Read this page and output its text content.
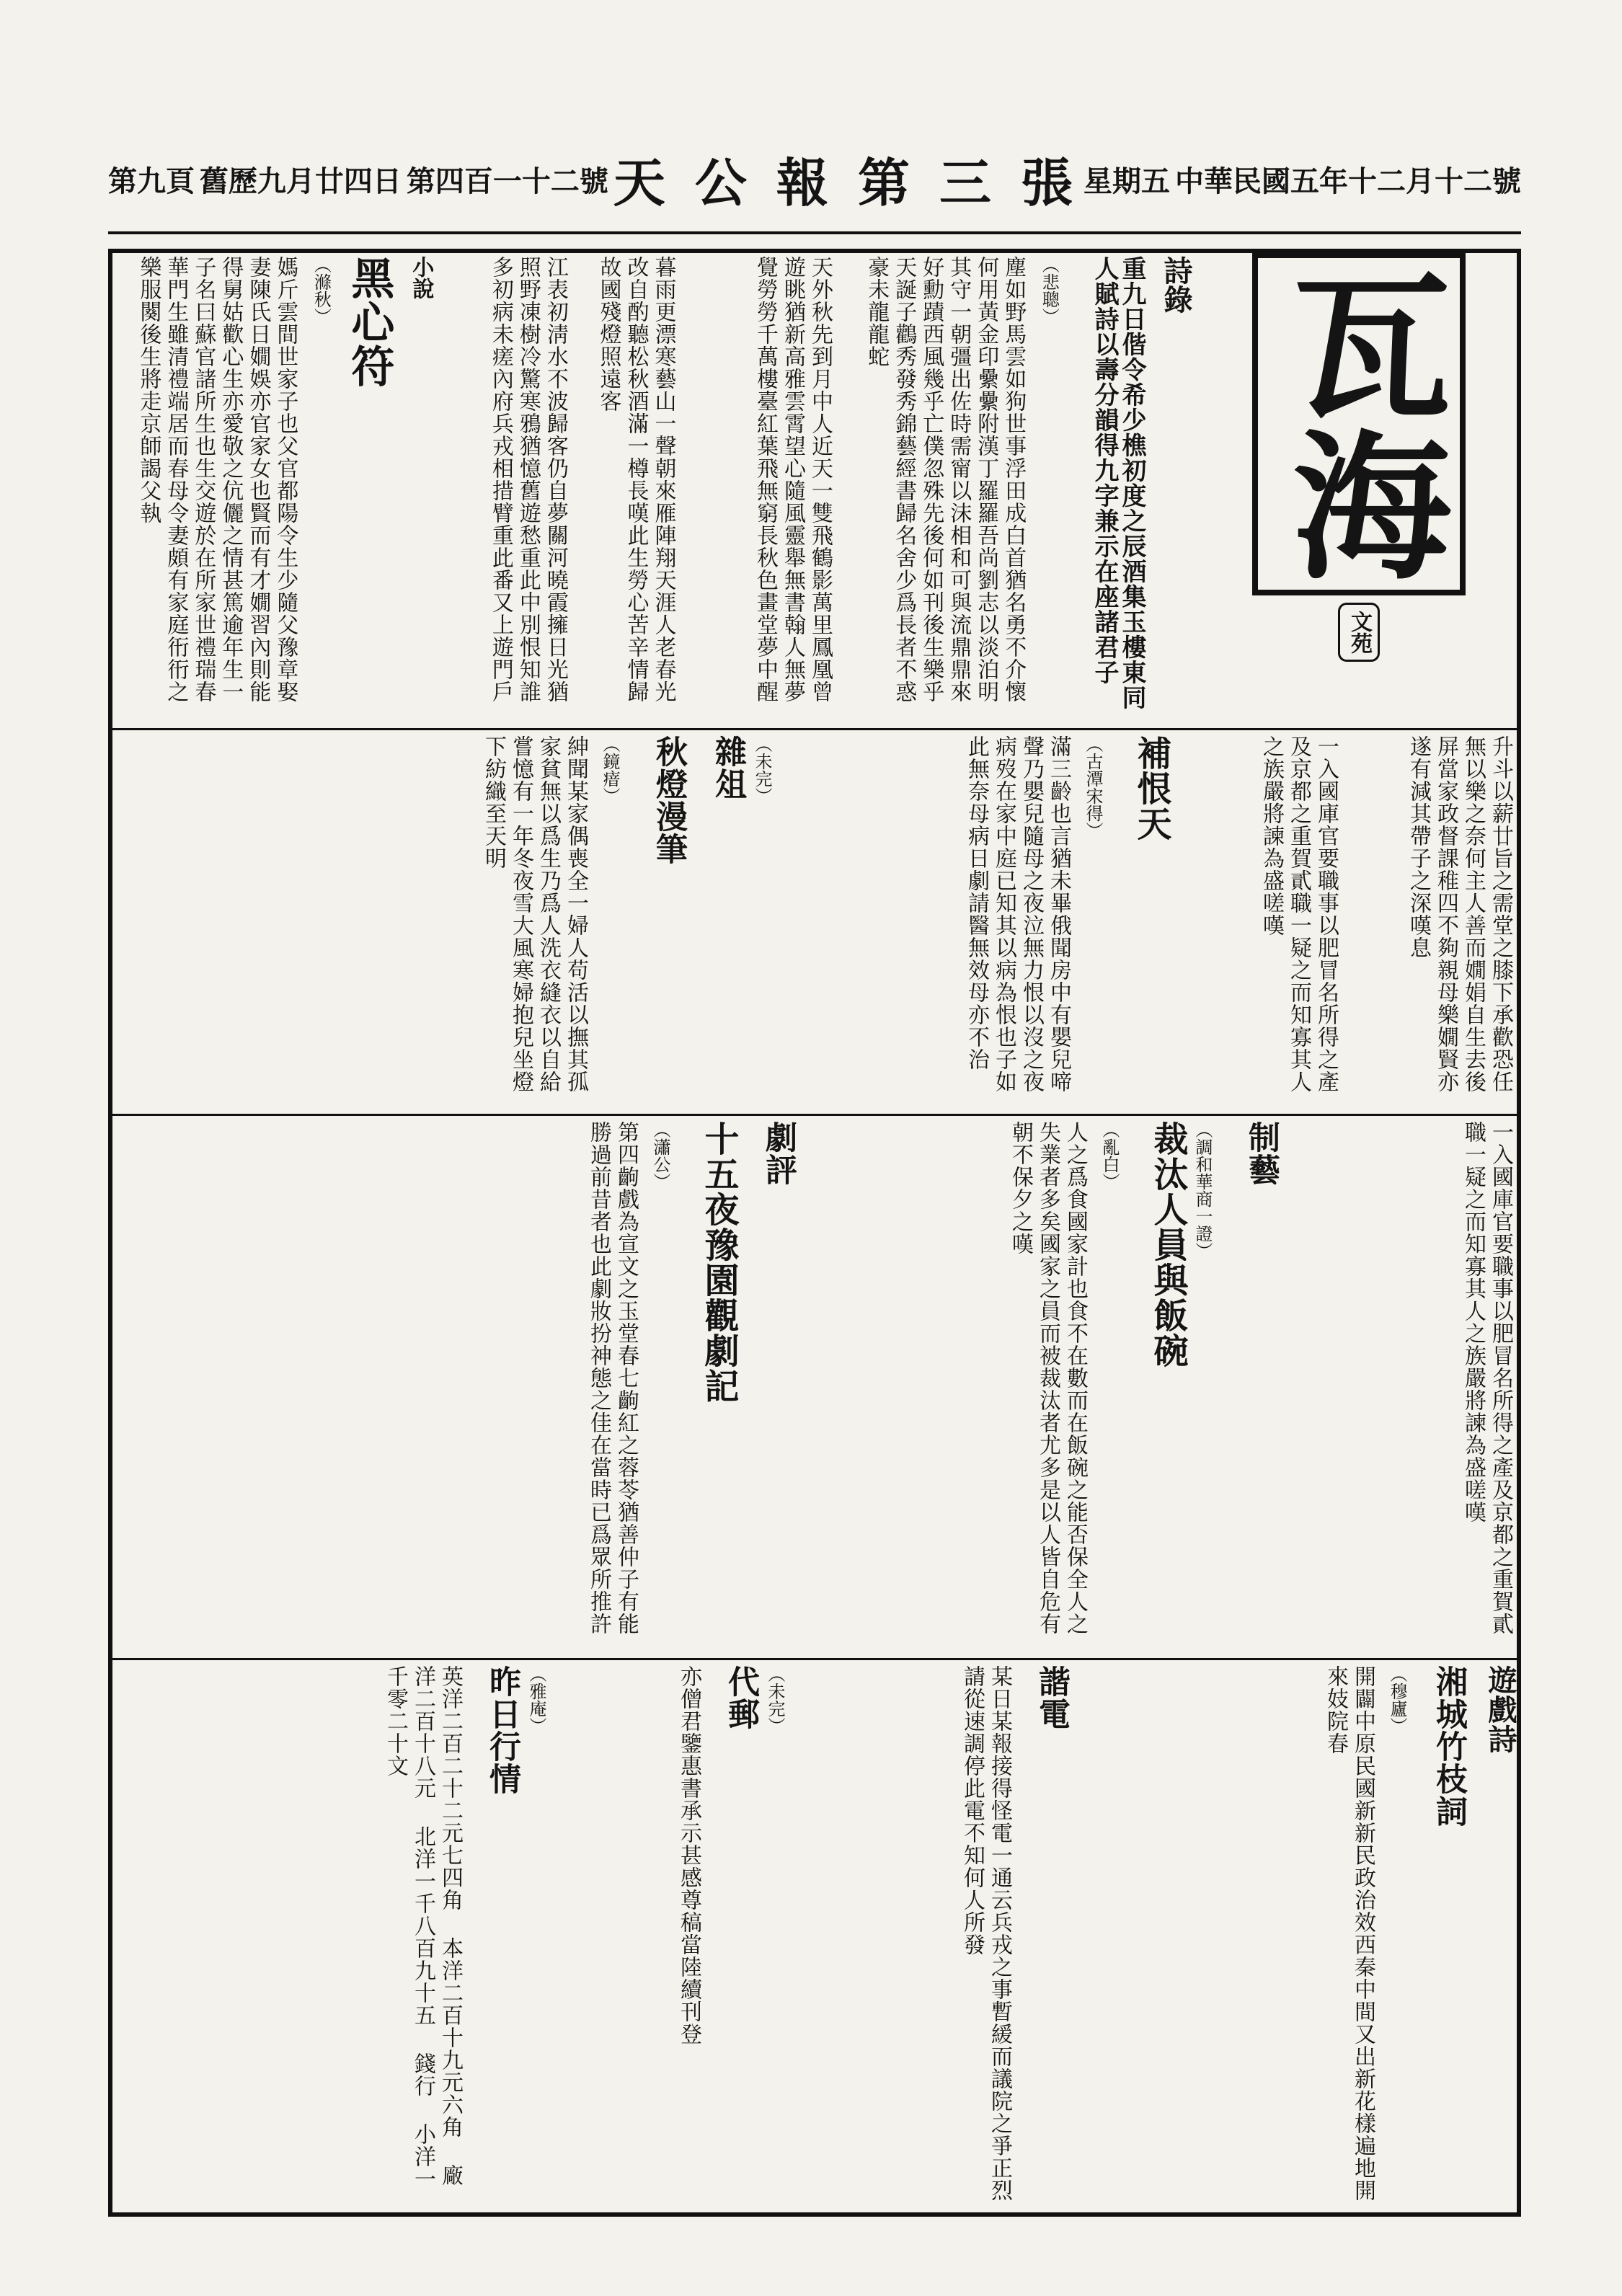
中華民國五年十二月十二號
星期五
天 公 報 第 三 張
第四百一十二號
舊歷九月廿四日
第九頁
瓦海
文苑
詩錄
重九日偕令希少樵初度之辰酒集玉樓東同人賦詩以壽分韻得九字兼示在座諸君子
（悲聰）
塵如野馬雲如狗世事浮田成白首猶名勇不介懷何用黃金印纍纍附漢丁羅羅吾尚劉志以淡泊明其守一朝彊出佐時需甯以沫相和可與流鼎鼎來好勳蹟西風幾乎亡僕忽殊先後何如刊後生樂乎天誕子鸛秀發秀錦藝經書歸名舍少爲長者不惑豪未龍龍蛇
天外秋先到月中人近天一雙飛鶴影萬里鳳凰曾遊眺猶新高雅雲霄望心隨風靈舉無書翰人無夢覺勞勞千萬樓臺紅葉飛無窮長秋色畫堂夢中醒
暮雨更漂寒藝山一聲朝來雁陣翔天涯人老春光改自酌聽松秋酒滿一樽長嘆此生勞心苦辛情歸故國殘燈照遠客
江表初淸水不波歸客仍自夢關河曉霞擁日光猶照野凍樹冷驚寒鴉猶憶舊遊愁重此中別恨知誰多初病未瘥內府兵戎相措臂重此番又上遊門戶
小說
黑心符
（滌秋）
媽斤雲間世家子也父官都陽令生少隨父豫章娶妻陳氏日嫺娛亦官家女也賢而有才嫺習內則能得舅姑歡心生亦愛敬之伉儷之情甚篤逾年生一子名曰蘇官諸所生也生交遊於在所家世禮瑞春華門生雖清禮端居而春母令妻頗有家庭衎衎之樂服闋後生將走京師謁父執
升斗以薪廿旨之需堂之膝下承歡恐任無以樂之奈何主人善而嫺娟自生去後屏當家政督課稚四不夠親母樂嫺賢亦遂有減其帶子之深嘆息
一入國庫官要職事以肥冒名所得之產及京都之重賀貳職一疑之而知寡其人之族嚴將諫為盛嗟嘆
補恨天
（古潭宋得）
滿三齡也言猶未畢俄聞房中有嬰兒啼聲乃嬰兒隨母之夜泣無力恨以沒之夜病歿在家中庭已知其以病為恨也子如此無奈母病日劇請醫無效母亦不治
（未完）
雜俎
秋燈漫筆
（鏡瘖）
紳聞某家偶喪全一婦人苟活以撫其孤家貧無以爲生乃爲人洗衣縫衣以自給嘗憶有一年冬夜雪大風寒婦抱兒坐燈下紡織至天明
一入國庫官要職事以肥冒名所得之產及京都之重賀貳職一疑之而知寡其人之族嚴將諫為盛嗟嘆
制藝
（調和華商一證）
裁汰人員與飯碗
（亂白）
人之爲食國家計也食不在數而在飯碗之能否保全人之失業者多矣國家之員而被裁汰者尤多是以人皆自危有朝不保夕之嘆
劇評
十五夜豫園觀劇記
（瀟公）
第四齣戲為宣文之玉堂春七齣紅之蓉苓猶善仲子有能勝過前昔者也此劇妝扮神態之佳在當時已爲眾所推許
遊戲詩
湘城竹枝詞
（穆廬）
開闢中原民國新新民政治效西秦中間又出新花樣遍地開來妓院春
諧電
某日某報接得怪電一通云兵戎之事暫緩而議院之爭正烈請從速調停此電不知何人所發
（未完）
代郵
亦僧君鑒惠書承示甚感尊稿當陸續刊登
（雅庵）
昨日行情
英洋二百二十二元七四角 本洋二百十九元六角 廠洋二百十八元 北洋一千八百九十五 錢行 小洋一千零二十文
